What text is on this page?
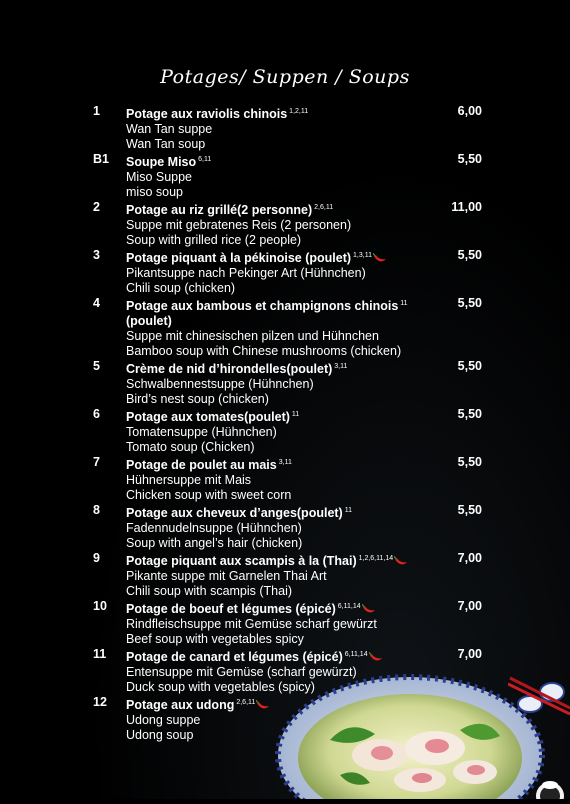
Potages/ Suppen / Soups
1	6,00
Potage aux raviolis chinois $^{1,2,11}$
Wan Tan suppe
Wan Tan soup
B1	5,50
Soupe Miso $^{6,11}$
Miso Suppe
miso soup
2	11,00
Potage au riz grillé(2 personne) $^{2,6,11}$
Suppe mit gebratenes Reis (2 personen)
Soup with grilled rice (2 people)
3	5,50
Potage piquant à la pékinoise (poulet) $^{1,3,11}$
Pikantsuppe nach Pekinger Art (Hühnchen)
Chili soup (chicken)
4	5,50
Potage aux bambous et champignons chinois $^{11}$
(poulet)
Suppe mit chinesischen pilzen und Hühnchen
Bamboo soup with Chinese mushrooms (chicken)
5	5,50
Crème de nid d’hirondelles(poulet) $^{3,11}$
Schwalbennestsuppe (Hühnchen)
Bird’s nest soup (chicken)
6	5,50
Potage aux tomates(poulet) $^{11}$
Tomatensuppe (Hühnchen)
Tomato soup (Chicken)
7	5,50
Potage de poulet au mais $^{3,11}$
Hühnersuppe mit Mais
Chicken soup with sweet corn
8	5,50
Potage aux cheveux d’anges(poulet) $^{11}$
Fadennudelnsuppe (Hühnchen)
Soup with angel’s hair (chicken)
9	7,00
Potage piquant aux scampis à la (Thai) $^{1,2,6,11,14}$
Pikante suppe mit Garnelen Thai Art
Chili soup with scampis (Thai)
10	7,00
Potage de boeuf et légumes (épicé) $^{6,11,14}$
Rindfleischsuppe mit Gemüse scharf gewürzt
Beef soup with vegetables spicy
11	7,00
Potage de canard et légumes (épicé) $^{6,11,14}$
Entensuppe mit Gemüse (scharf gewürzt)
Duck soup with vegetables (spicy)
12 Potage aux udong $^{2,6,11}$
Udong suppe
Udong soup
